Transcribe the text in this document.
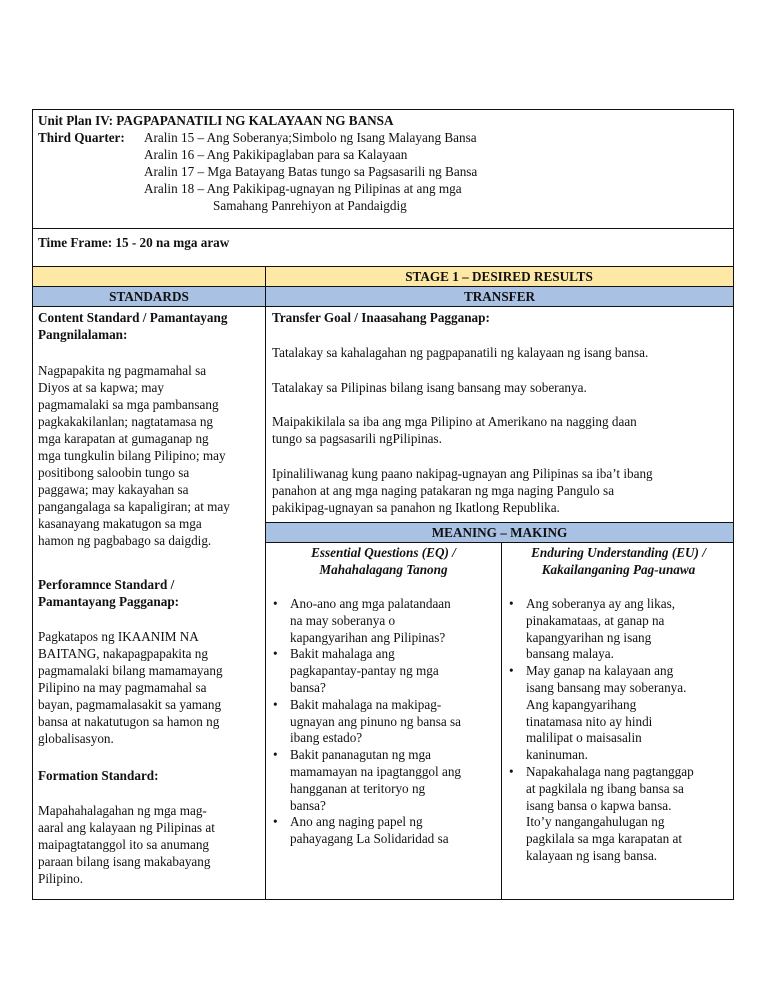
Unit Plan IV: PAGPAPANATILI NG KALAYAAN NG BANSA
Third Quarter: Aralin 15 – Ang Soberanya;Simbolo ng Isang Malayang Bansa
Aralin 16 – Ang Pakikipaglaban para sa Kalayaan
Aralin 17 – Mga Batayang Batas tungo sa Pagsasarili ng Bansa
Aralin 18 – Ang Pakikipag-ugnayan ng Pilipinas at ang mga
Samahang Panrehiyon at Pandaigdig
Time Frame: 15 - 20 na mga araw
STAGE 1 – DESIRED RESULTS
STANDARDS	TRANSFER
Content Standard / Pamantayang
Pangnilalaman:
Nagpapakita ng pagmamahal sa
Diyos at sa kapwa; may
pagmamalaki sa mga pambansang
pagkakakilanlan; nagtatamasa ng
mga karapatan at gumaganap ng
mga tungkulin bilang Pilipino; may
positibong saloobin tungo sa
paggawa; may kakayahan sa
pangangalaga sa kapaligiran; at may
kasanayang makatugon sa mga
hamon ng pagbabago sa daigdig.
Perforamnce Standard /
Pamantayang Pagganap:
Pagkatapos ng IKAANIM NA
BAITANG, nakapagpapakita ng
pagmamalaki bilang mamamayang
Pilipino na may pagmamahal sa
bayan, pagmamalasakit sa yamang
bansa at nakatutugon sa hamon ng
globalisasyon.
Formation Standard:
Mapahahalagahan ng mga mag-
aaral ang kalayaan ng Pilipinas at
maipagtatanggol ito sa anumang
paraan bilang isang makabayang
Pilipino.
Transfer Goal / Inaasahang Pagganap:
Tatalakay sa kahalagahan ng pagpapanatili ng kalayaan ng isang bansa.
Tatalakay sa Pilipinas bilang isang bansang may soberanya.
Maipakikilala sa iba ang mga Pilipino at Amerikano na nagging daan
tungo sa pagsasarili ngPilipinas.
Ipinaliliwanag kung paano nakipag-ugnayan ang Pilipinas sa iba’t ibang
panahon at ang mga naging patakaran ng mga naging Pangulo sa
pakikipag-ugnayan sa panahon ng Ikatlong Republika.
MEANING – MAKING
Essential Questions (EQ) /
Mahahalagang Tanong
Enduring Understanding (EU) /
Kakailanganing Pag-unawa
• Ano-ano ang mga palatandaan
na may soberanya o
kapangyarihan ang Pilipinas?
• Bakit mahalaga ang
pagkapantay-pantay ng mga
bansa?
• Bakit mahalaga na makipag-
ugnayan ang pinuno ng bansa sa
ibang estado?
• Bakit pananagutan ng mga
mamamayan na ipagtanggol ang
hangganan at teritoryo ng
bansa?
• Ano ang naging papel ng
pahayagang La Solidaridad sa
• Ang soberanya ay ang likas,
pinakamataas, at ganap na
kapangyarihan ng isang
bansang malaya.
• May ganap na kalayaan ang
isang bansang may soberanya.
Ang kapangyarihang
tinatamasa nito ay hindi
malilipat o maisasalin
kaninuman.
• Napakahalaga nang pagtanggap
at pagkilala ng ibang bansa sa
isang bansa o kapwa bansa.
Ito’y nangangahulugan ng
pagkilala sa mga karapatan at
kalayaan ng isang bansa.
